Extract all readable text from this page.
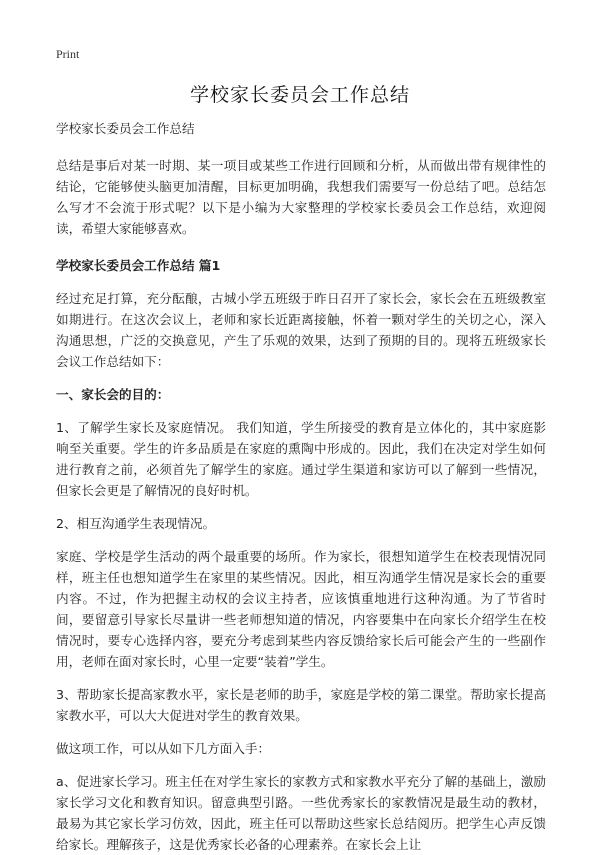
Print
学校家长委员会工作总结

学校家长委员会工作总结

总结是事后对某一时期、某一项目或某些工作进行回顾和分析，从而做出带有规律性的结论，它能够使头脑更加清醒，目标更加明确，我想我们需要写一份总结了吧。总结怎么写才不会流于形式呢？以下是小编为大家整理的学校家长委员会工作总结，欢迎阅读，希望大家能够喜欢。

学校家长委员会工作总结 篇1

经过充足打算，充分酝酿，古城小学五班级于昨日召开了家长会，家长会在五班级教室如期进行。在这次会议上，老师和家长近距离接触，怀着一颗对学生的关切之心，深入沟通思想，广泛的交换意见，产生了乐观的效果，达到了预期的目的。现将五班级家长会议工作总结如下：

一、家长会的目的：

1、了解学生家长及家庭情况。 我们知道，学生所接受的教育是立体化的，其中家庭影响至关重要。学生的许多品质是在家庭的熏陶中形成的。因此，我们在决定对学生如何进行教育之前，必须首先了解学生的家庭。通过学生渠道和家访可以了解到一些情况，但家长会更是了解情况的良好时机。

2、相互沟通学生表现情况。

家庭、学校是学生活动的两个最重要的场所。作为家长，很想知道学生在校表现情况同样，班主任也想知道学生在家里的某些情况。因此，相互沟通学生情况是家长会的重要内容。不过，作为把握主动权的会议主持者，应该慎重地进行这种沟通。为了节省时间，要留意引导家长尽量讲一些老师想知道的情况，内容要集中在向家长介绍学生在校情况时，要专心选择内容，要充分考虑到某些内容反馈给家长后可能会产生的一些副作用，老师在面对家长时，心里一定要“装着”学生。

3、帮助家长提高家教水平，家长是老师的助手，家庭是学校的第二课堂。帮助家长提高家教水平，可以大大促进对学生的教育效果。

做这项工作，可以从如下几方面入手：

a、促进家长学习。班主任在对学生家长的家教方式和家教水平充分了解的基础上，激励家长学习文化和教育知识。留意典型引路。一些优秀家长的家教情况是最生动的教材，最易为其它家长学习仿效，因此，班主任可以帮助这些家长总结阅历。把学生心声反馈给家长。理解孩子，这是优秀家长必备的心理素养。在家长会上让
